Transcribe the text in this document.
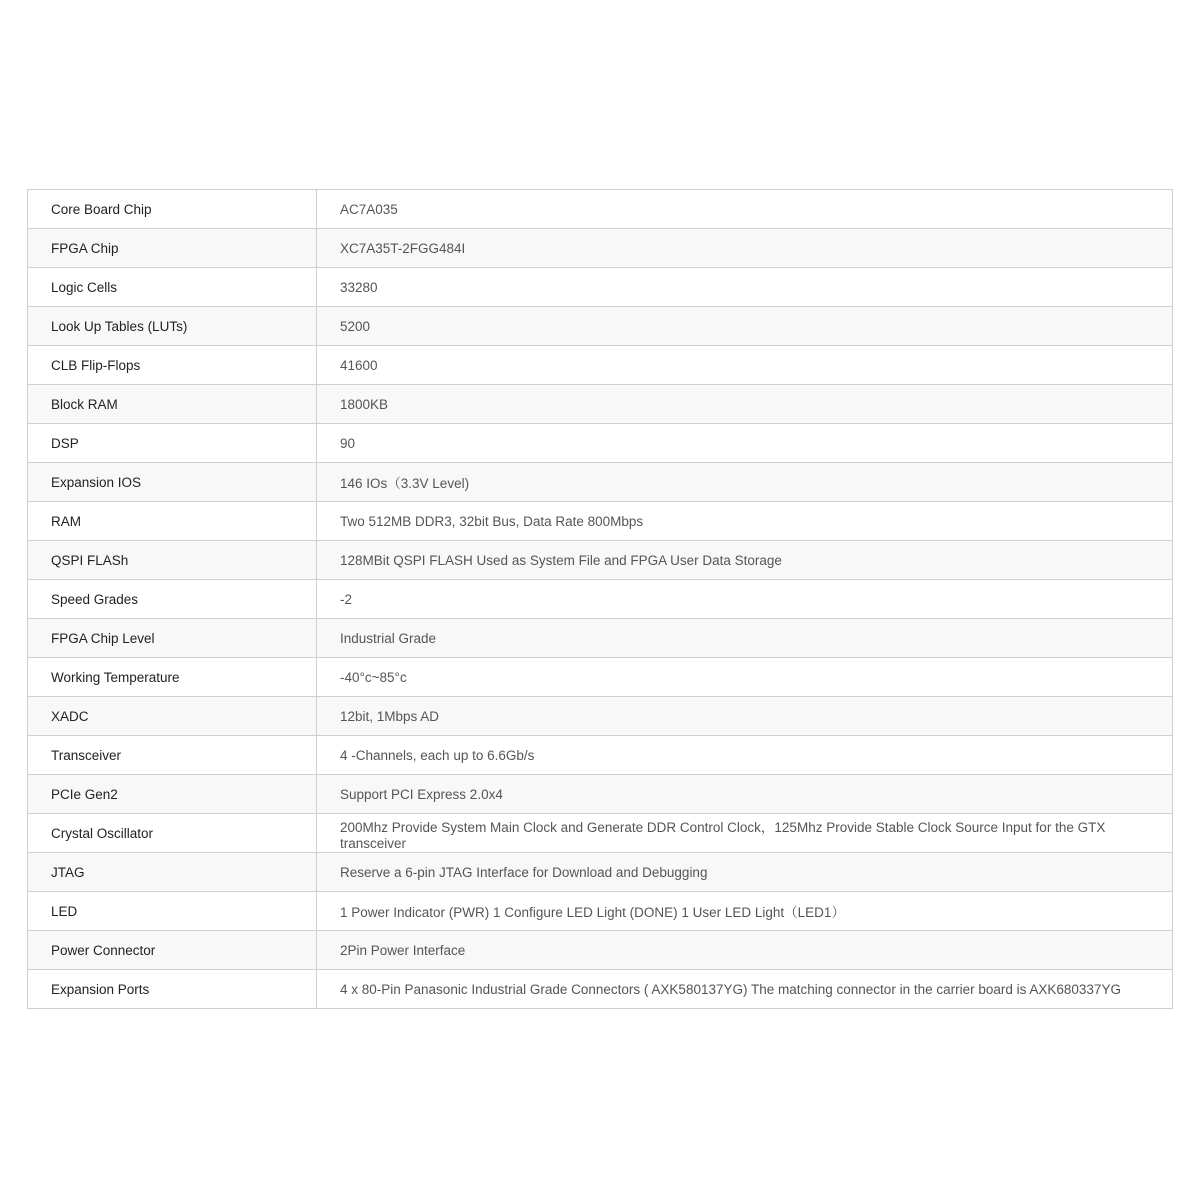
Core Board Chip	AC7A035
FPGA Chip	XC7A35T-2FGG484I
Logic Cells	33280
Look Up Tables (LUTs)	5200
CLB Flip-Flops	41600
Block RAM	1800KB
DSP	90
Expansion IOS	146 IOs（3.3V Level)
RAM	Two 512MB DDR3, 32bit Bus, Data Rate 800Mbps
QSPI FLASh	128MBit QSPI FLASH Used as System File and FPGA User Data Storage
Speed Grades	-2
FPGA Chip Level	Industrial Grade
Working Temperature	-40°c~85°c
XADC	12bit, 1Mbps AD
Transceiver	4 -Channels, each up to 6.6Gb/s
PCIe Gen2	Support PCI Express 2.0x4
Crystal Oscillator	200Mhz Provide System Main Clock and Generate DDR Control Clock，125Mhz Provide Stable Clock Source Input for the GTX transceiver
JTAG	Reserve a 6-pin JTAG Interface for Download and Debugging
LED	1 Power Indicator (PWR) 1 Configure LED Light (DONE) 1 User LED Light（LED1）
Power Connector	2Pin Power Interface
Expansion Ports	4 x 80-Pin Panasonic Industrial Grade Connectors ( AXK580137YG) The matching connector in the carrier board is AXK680337YG
